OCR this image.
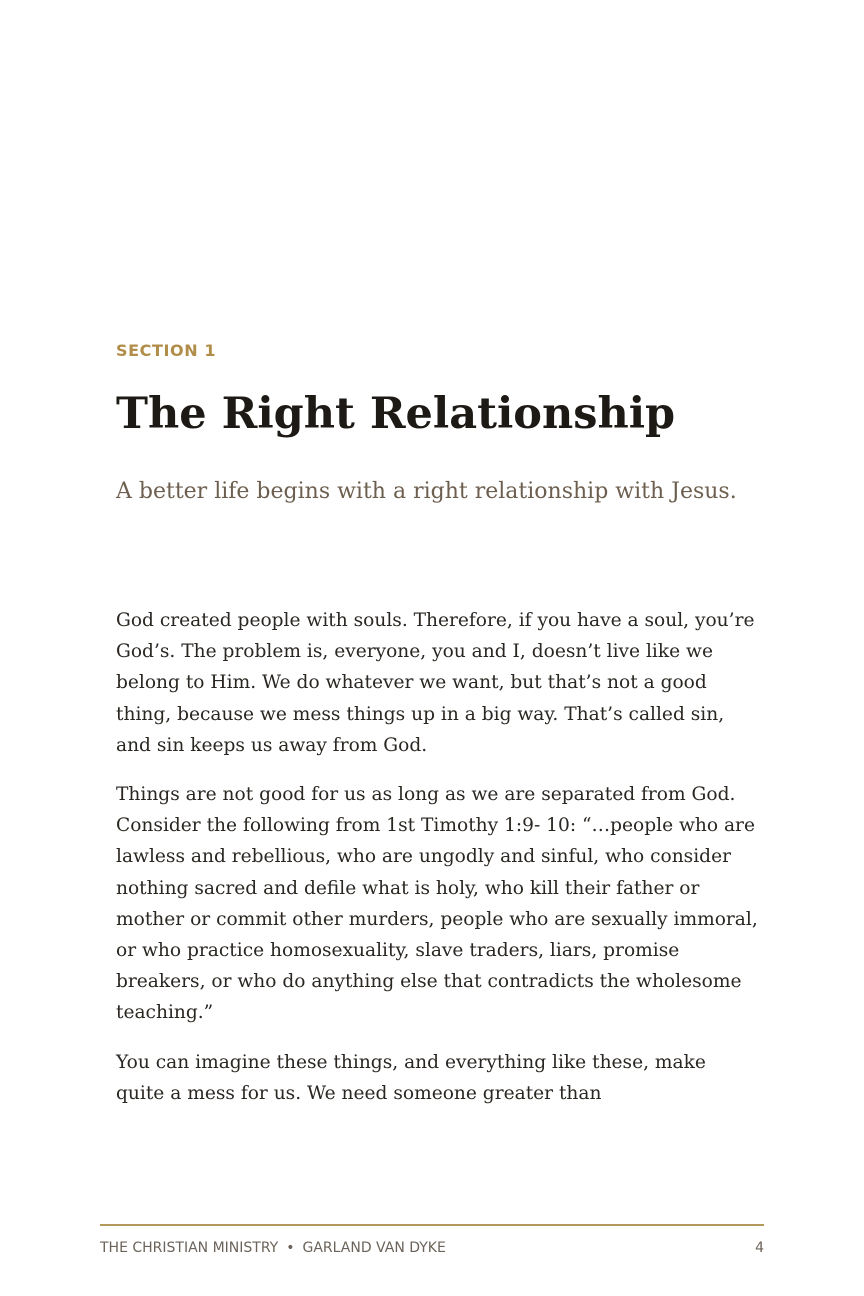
SECTION 1
The Right Relationship

A better life begins with a right relationship with Jesus.

God created people with souls. Therefore, if you have a soul, you’re God’s. The problem is, everyone, you and I, doesn’t live like we belong to Him. We do whatever we want, but that’s not a good thing, because we mess things up in a big way. That’s called sin, and sin keeps us away from God.

Things are not good for us as long as we are separated from God. Consider the following from 1st Timothy 1:9- 10: “…people who are lawless and rebellious, who are ungodly and sinful, who consider nothing sacred and defile what is holy, who kill their father or mother or commit other murders, people who are sexually immoral, or who practice homosexuality, slave traders, liars, promise breakers, or who do anything else that contradicts the wholesome teaching.”

You can imagine these things, and everything like these, make quite a mess for us. We need someone greater than

THE CHRISTIAN MINISTRY • GARLAND VAN DYKE	4
